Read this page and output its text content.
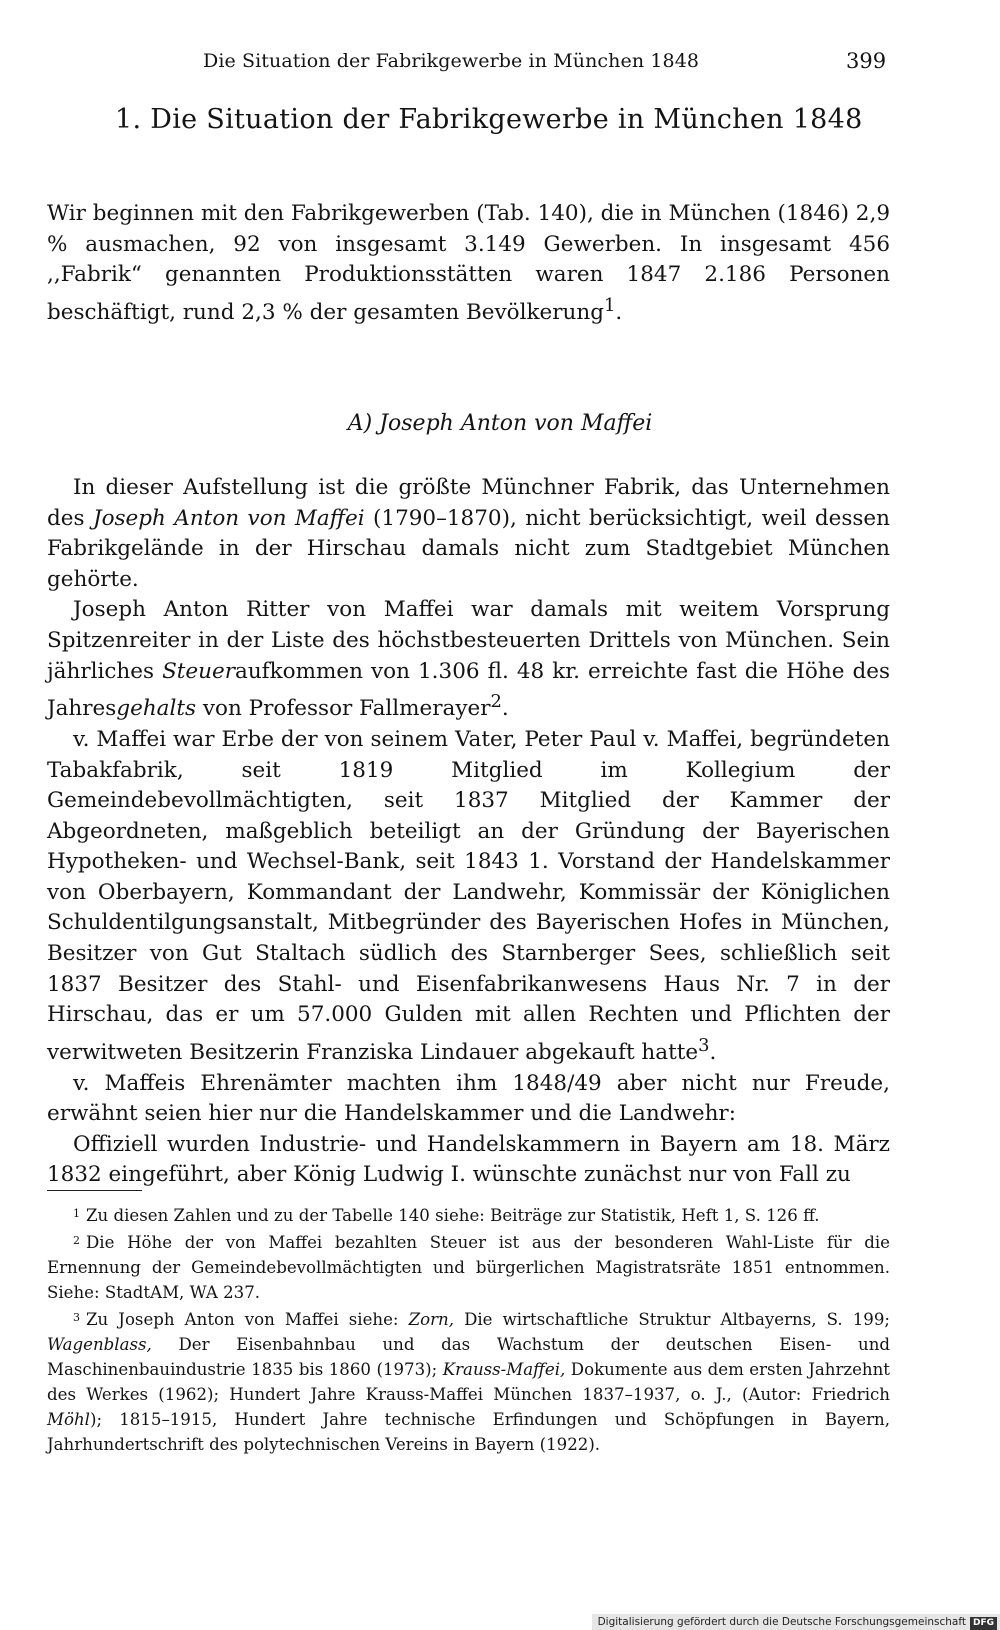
Die Situation der Fabrikgewerbe in München 1848	399
1. Die Situation der Fabrikgewerbe in München 1848

Wir beginnen mit den Fabrikgewerben (Tab. 140), die in München (1846) 2,9 % ausmachen, 92 von insgesamt 3.149 Gewerben. In insgesamt 456 ,,Fabrik“ genannten Produktionsstätten waren 1847 2.186 Personen beschäftigt, rund 2,3 % der gesamten Bevölkerung$^1$.

A) Joseph Anton von Maffei

In dieser Aufstellung ist die größte Münchner Fabrik, das Unternehmen des Joseph Anton von Maffei (1790–1870), nicht berücksichtigt, weil dessen Fabrikgelände in der Hirschau damals nicht zum Stadtgebiet München gehörte.

Joseph Anton Ritter von Maffei war damals mit weitem Vorsprung Spitzenreiter in der Liste des höchstbesteuerten Drittels von München. Sein jährliches Steueraufkommen von 1.306 fl. 48 kr. erreichte fast die Höhe des Jahresgehalts von Professor Fallmerayer$^2$.

v. Maffei war Erbe der von seinem Vater, Peter Paul v. Maffei, begründeten Tabakfabrik, seit 1819 Mitglied im Kollegium der Gemeindebevollmächtigten, seit 1837 Mitglied der Kammer der Abgeordneten, maßgeblich beteiligt an der Gründung der Bayerischen Hypotheken- und Wechsel-Bank, seit 1843 1. Vorstand der Handelskammer von Oberbayern, Kommandant der Landwehr, Kommissär der Königlichen Schuldentilgungsanstalt, Mitbegründer des Bayerischen Hofes in München, Besitzer von Gut Staltach südlich des Starnberger Sees, schließlich seit 1837 Besitzer des Stahl- und Eisenfabrikanwesens Haus Nr. 7 in der Hirschau, das er um 57.000 Gulden mit allen Rechten und Pflichten der verwitweten Besitzerin Franziska Lindauer abgekauft hatte$^3$.

v. Maffeis Ehrenämter machten ihm 1848/49 aber nicht nur Freude, erwähnt seien hier nur die Handelskammer und die Landwehr:

Offiziell wurden Industrie- und Handelskammern in Bayern am 18. März 1832 eingeführt, aber König Ludwig I. wünschte zunächst nur von Fall zu

$^1$ Zu diesen Zahlen und zu der Tabelle 140 siehe: Beiträge zur Statistik, Heft 1, S. 126 ff.

$^2$ Die Höhe der von Maffei bezahlten Steuer ist aus der besonderen Wahl-Liste für die Ernennung der Gemeindebevollmächtigten und bürgerlichen Magistratsräte 1851 entnommen. Siehe: StadtAM, WA 237.

$^3$ Zu Joseph Anton von Maffei siehe: Zorn, Die wirtschaftliche Struktur Altbayerns, S. 199; Wagenblass, Der Eisenbahnbau und das Wachstum der deutschen Eisen- und Maschinenbauindustrie 1835 bis 1860 (1973); Krauss-Maffei, Dokumente aus dem ersten Jahrzehnt des Werkes (1962); Hundert Jahre Krauss-Maffei München 1837–1937, o. J., (Autor: Friedrich Möhl); 1815–1915, Hundert Jahre technische Erfindungen und Schöpfungen in Bayern, Jahrhundertschrift des polytechnischen Vereins in Bayern (1922).

Digitalisierung gefördert durch die Deutsche Forschungsgemeinschaft DFG
